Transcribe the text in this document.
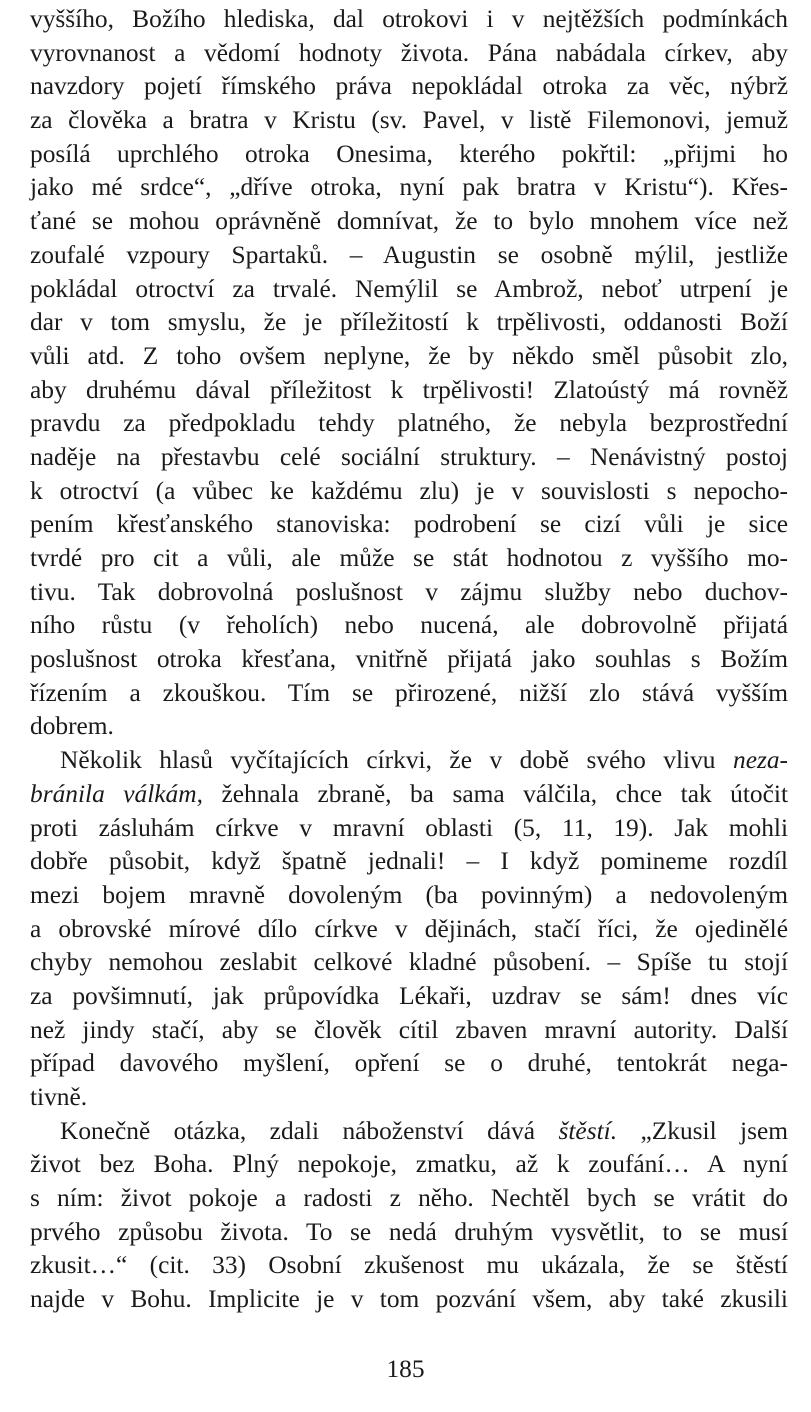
vyššího, Božího hlediska, dal otrokovi i v nejtěžších podmínkách
vyrovnanost a vědomí hodnoty života. Pána nabádala církev, aby
navzdory pojetí římského práva nepokládal otroka za věc, nýbrž
za člověka a bratra v Kristu (sv. Pavel, v listě Filemonovi, jemuž
posílá uprchlého otroka Onesima, kterého pokřtil: „přijmi ho
jako mé srdce“, „dříve otroka, nyní pak bratra v Kristu“). Křes-
ťané se mohou oprávněně domnívat, že to bylo mnohem více než
zoufalé vzpoury Spartaků. – Augustin se osobně mýlil, jestliže
pokládal otroctví za trvalé. Nemýlil se Ambrož, neboť utrpení je
dar v tom smyslu, že je příležitostí k trpělivosti, oddanosti Boží
vůli atd. Z toho ovšem neplyne, že by někdo směl působit zlo,
aby druhému dával příležitost k trpělivosti! Zlatoústý má rovněž
pravdu za předpokladu tehdy platného, že nebyla bezprostřední
naděje na přestavbu celé sociální struktury. – Nenávistný postoj
k otroctví (a vůbec ke každému zlu) je v souvislosti s nepocho-
pením křesťanského stanoviska: podrobení se cizí vůli je sice
tvrdé pro cit a vůli, ale může se stát hodnotou z vyššího mo-
tivu. Tak dobrovolná poslušnost v zájmu služby nebo duchov-
ního růstu (v řeholích) nebo nucená, ale dobrovolně přijatá
poslušnost otroka křesťana, vnitřně přijatá jako souhlas s Božím
řízením a zkouškou. Tím se přirozené, nižší zlo stává vyšším
dobrem.
Několik hlasů vyčítajících církvi, že v době svého vlivu neza-
bránila válkám, žehnala zbraně, ba sama válčila, chce tak útočit
proti zásluhám církve v mravní oblasti (5, 11, 19). Jak mohli
dobře působit, když špatně jednali! – I když pomineme rozdíl
mezi bojem mravně dovoleným (ba povinným) a nedovoleným
a obrovské mírové dílo církve v dějinách, stačí říci, že ojedinělé
chyby nemohou zeslabit celkové kladné působení. – Spíše tu stojí
za povšimnutí, jak průpovídka Lékaři, uzdrav se sám! dnes víc
než jindy stačí, aby se člověk cítil zbaven mravní autority. Další
případ davového myšlení, opření se o druhé, tentokrát nega-
tivně.
Konečně otázka, zdali náboženství dává štěstí. „Zkusil jsem
život bez Boha. Plný nepokoje, zmatku, až k zoufání… A nyní
s ním: život pokoje a radosti z něho. Nechtěl bych se vrátit do
prvého způsobu života. To se nedá druhým vysvětlit, to se musí
zkusit…“ (cit. 33) Osobní zkušenost mu ukázala, že se štěstí
najde v Bohu. Implicite je v tom pozvání všem, aby také zkusili
185
